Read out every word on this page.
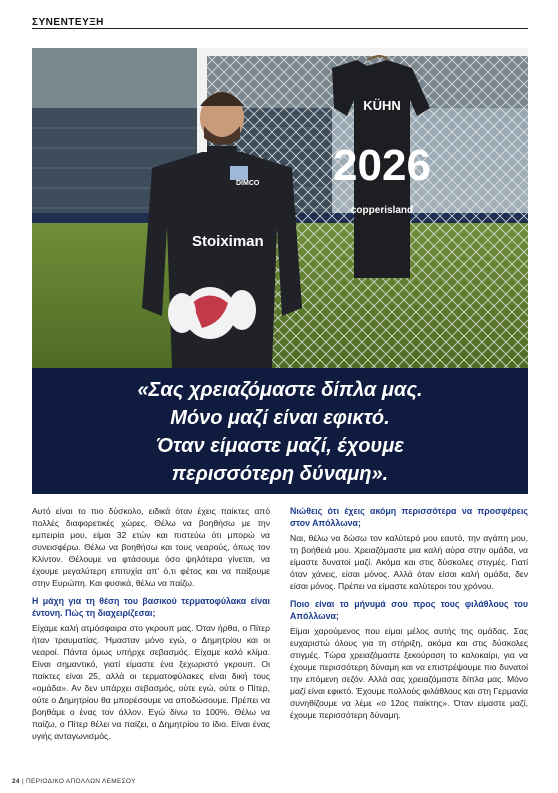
ΣΥΝΕΝΤΕΥΞΗ
Stoiximan
DIMCO
KÜHN
2026
copperisland
«Σας χρειαζόμαστε δίπλα μας.
Μόνο μαζί είναι εφικτό.
Όταν είμαστε μαζί, έχουμε
περισσότερη δύναμη».

Αυτό είναι το πιο δύσκολο, ειδικά όταν έχεις παίκτες από πολλές διαφορετικές χώρες. Θέλω να βοηθήσω με την εμπειρία μου, είμαι 32 ετών και πιστεύω ότι μπορώ να συνεισφέρω. Θέλω να βοηθήσω και τους νεαρούς, όπως τον Κλίντον. Θέλουμε να φτάσουμε όσο ψηλότερα γίνεται, να έχουμε μεγαλύτερη επιτυχία απ' ό,τι φέτος και να παίξουμε στην Ευρώπη. Και φυσικά, θέλω να παίζω.

Η μάχη για τη θέση του βασικού τερματοφύλακα είναι έντονη. Πώς τη διαχειρίζεσαι;

Είχαμε καλή ατμόσφαιρα στο γκρουπ μας. Όταν ήρθα, ο Πίτερ ήταν τραυματίας. Ήμασταν μόνο εγώ, ο Δημητρίου και οι νεαροί. Πάντα όμως υπήρχε σεβασμός. Είχαμε καλό κλίμα. Είναι σημαντικό, γιατί είμαστε ένα ξεχωριστό γκρουπ. Οι παίκτες είναι 25, αλλά οι τερματοφύλακες είναι δική τους «ομάδα». Αν δεν υπάρχει σεβασμός, ούτε εγώ, ούτε ο Πίτερ, ούτε ο Δημητρίου θα μπορέσουμε να αποδώσουμε. Πρέπει να βοηθάμε ο ένας τον άλλον. Εγώ δίνω το 100%. Θέλω να παίζω, ο Πίτερ θέλει να παίζει, ο Δημητρίου το ίδιο. Είναι ένας υγιής ανταγωνισμός.

Νιώθεις ότι έχεις ακόμη περισσότερα να προσφέρεις στον Απόλλωνα;

Ναι, θέλω να δώσω τον καλύτερό μου εαυτό, την αγάπη μου, τη βοήθειά μου. Χρειαζόμαστε μια καλή αύρα στην ομάδα, να είμαστε δυνατοί μαζί. Ακόμα και στις δύσκολες στιγμές. Γιατί όταν χάνεις, είσαι μόνος. Αλλά όταν είσαι καλή ομάδα, δεν είσαι μόνος. Πρέπει να είμαστε καλύτεροι του χρόνου.

Ποιο είναι το μήνυμά σου προς τους φιλάθλους του Απόλλωνα;

Είμαι χαρούμενος που είμαι μέλος αυτής της ομάδας. Σας ευχαριστώ όλους για τη στήριξη, ακόμα και στις δύσκολες στιγμές. Τώρα χρειαζόμαστε ξεκούραση το καλοκαίρι, για να έχουμε περισσότερη δύναμη και να επιστρέψουμε πιο δυνατοί την επόμενη σεζόν. Αλλά σας χρειαζόμαστε δίπλα μας. Μόνο μαζί είναι εφικτό. Έχουμε πολλούς φιλάθλους και στη Γερμανία συνηθίζουμε να λέμε «ο 12ος παίκτης». Όταν είμαστε μαζί, έχουμε περισσότερη δύναμη.

24 | ΠΕΡΙΟΔΙΚΟ ΑΠΟΛΛΩΝ ΛΕΜΕΣΟΥ
